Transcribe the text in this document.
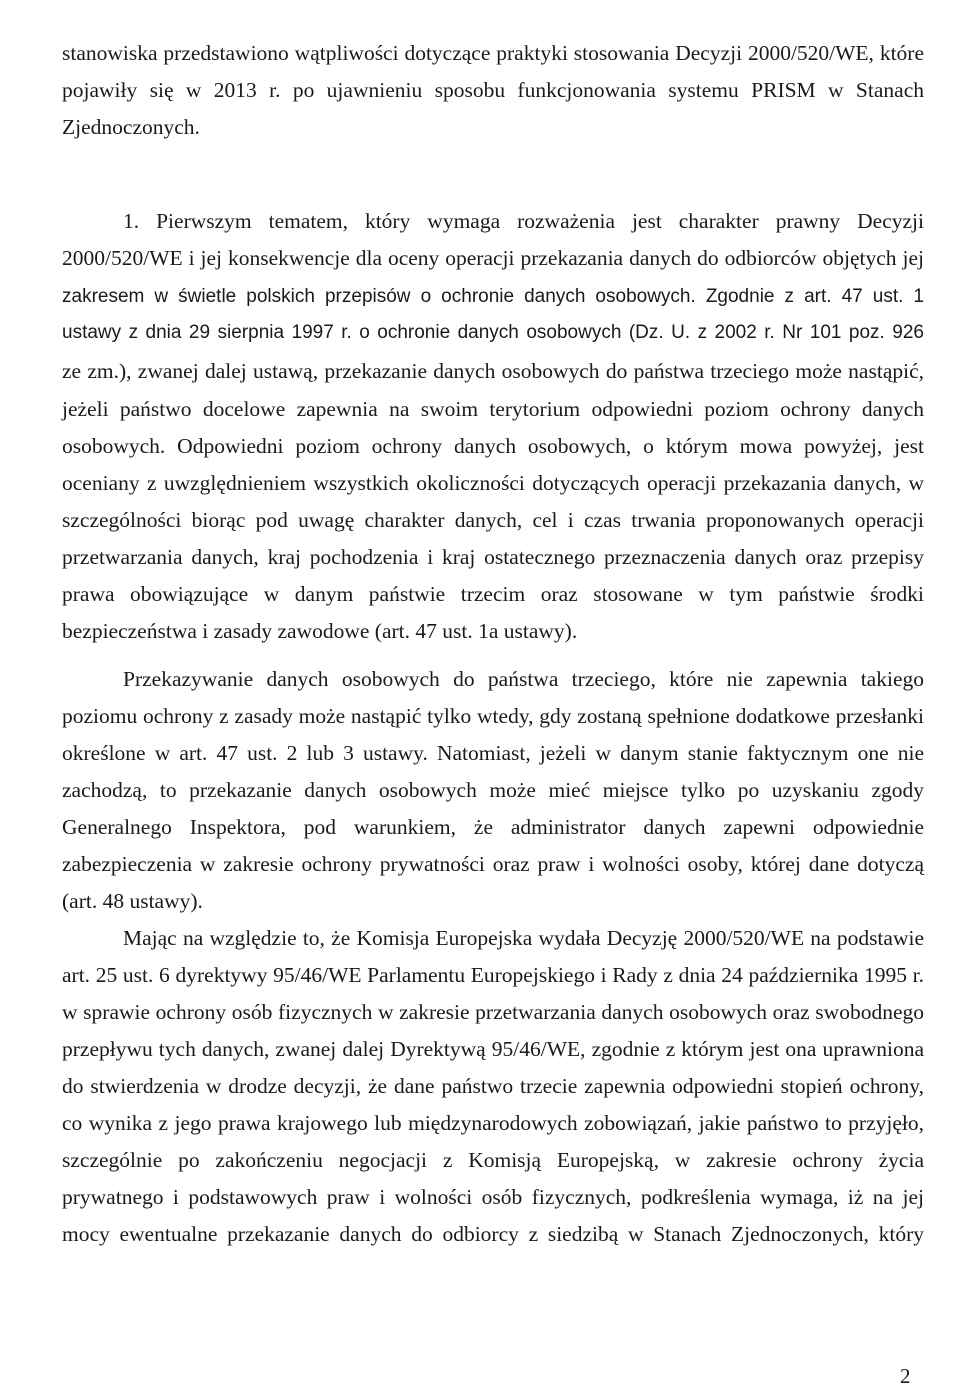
stanowiska przedstawiono wątpliwości dotyczące praktyki stosowania Decyzji 2000/520/WE, które

pojawiły się w 2013 r. po ujawnieniu sposobu funkcjonowania systemu PRISM w Stanach

Zjednoczonych.

1. Pierwszym tematem, który wymaga rozważenia jest charakter prawny Decyzji

2000/520/WE i jej konsekwencje dla oceny operacji przekazania danych do odbiorców objętych jej

zakresem w świetle polskich przepisów o ochronie danych osobowych. Zgodnie z art. 47 ust. 1

ustawy z dnia 29 sierpnia 1997 r. o ochronie danych osobowych (Dz. U. z 2002 r. Nr 101 poz. 926

ze zm.), zwanej dalej ustawą, przekazanie danych osobowych do państwa trzeciego może nastąpić,

jeżeli państwo docelowe zapewnia na swoim terytorium odpowiedni poziom ochrony danych

osobowych. Odpowiedni poziom ochrony danych osobowych, o którym mowa powyżej, jest

oceniany z uwzględnieniem wszystkich okoliczności dotyczących operacji przekazania danych, w

szczególności biorąc pod uwagę charakter danych, cel i czas trwania proponowanych operacji

przetwarzania danych, kraj pochodzenia i kraj ostatecznego przeznaczenia danych oraz przepisy

prawa obowiązujące w danym państwie trzecim oraz stosowane w tym państwie środki

bezpieczeństwa i zasady zawodowe (art. 47 ust. 1a ustawy).

Przekazywanie danych osobowych do państwa trzeciego, które nie zapewnia takiego

poziomu ochrony z zasady może nastąpić tylko wtedy, gdy zostaną spełnione dodatkowe przesłanki

określone w art. 47 ust. 2 lub 3 ustawy. Natomiast, jeżeli w danym stanie faktycznym one nie

zachodzą, to przekazanie danych osobowych może mieć miejsce tylko po uzyskaniu zgody

Generalnego Inspektora, pod warunkiem, że administrator danych zapewni odpowiednie

zabezpieczenia w zakresie ochrony prywatności oraz praw i wolności osoby, której dane dotyczą

(art. 48 ustawy).

Mając na względzie to, że Komisja Europejska wydała Decyzję 2000/520/WE na podstawie

art. 25 ust. 6 dyrektywy 95/46/WE Parlamentu Europejskiego i Rady z dnia 24 października 1995 r.

w sprawie ochrony osób fizycznych w zakresie przetwarzania danych osobowych oraz swobodnego

przepływu tych danych, zwanej dalej Dyrektywą 95/46/WE, zgodnie z którym jest ona uprawniona

do stwierdzenia w drodze decyzji, że dane państwo trzecie zapewnia odpowiedni stopień ochrony,

co wynika z jego prawa krajowego lub międzynarodowych zobowiązań, jakie państwo to przyjęło,

szczególnie po zakończeniu negocjacji z Komisją Europejską, w zakresie ochrony życia

prywatnego i podstawowych praw i wolności osób fizycznych, podkreślenia wymaga, iż na jej

mocy ewentualne przekazanie danych do odbiorcy z siedzibą w Stanach Zjednoczonych, który

2
